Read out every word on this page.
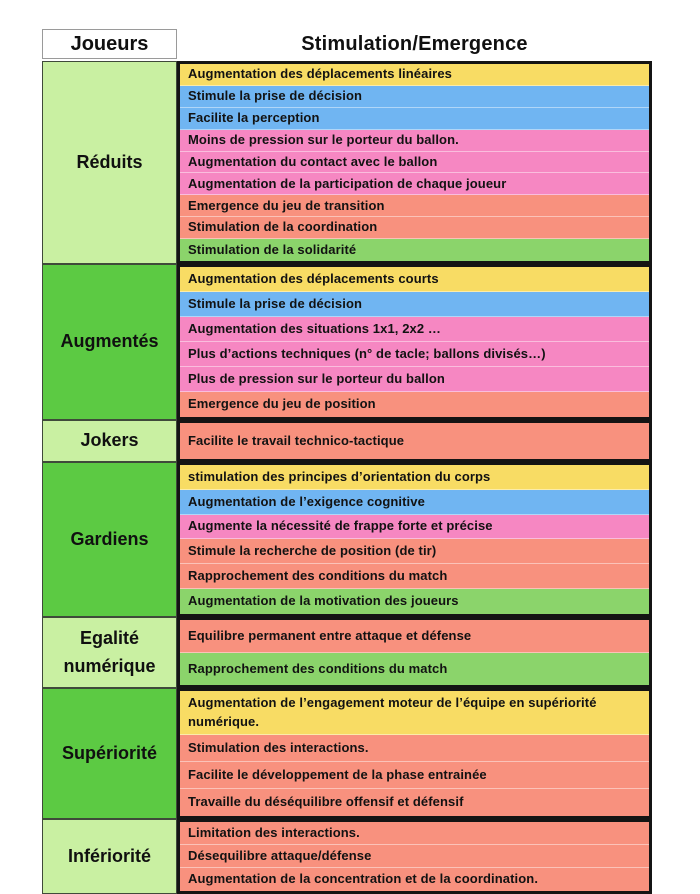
Joueurs	Stimulation/Emergence
Réduits
Augmentés
Jokers
Gardiens
Egalité numérique
Supériorité
Infériorité
Augmentation des déplacements linéaires
Stimule la prise de décision
Facilite la perception
Moins de pression sur le porteur du ballon.
Augmentation du contact avec le ballon
Augmentation de la participation de chaque joueur
Emergence du jeu de transition
Stimulation de la coordination
Stimulation de la solidarité
Augmentation des déplacements courts
Stimule la prise de décision
Augmentation des situations 1x1, 2x2 …
Plus d’actions techniques (n° de tacle; ballons divisés…)
Plus de pression sur le porteur du ballon
Emergence du jeu de position
Facilite le travail technico-tactique
stimulation des principes d’orientation du corps
Augmentation de l’exigence cognitive
Augmente la nécessité de frappe forte et précise
Stimule la recherche de position (de tir)
Rapprochement des conditions du match
Augmentation de la motivation des joueurs
Equilibre permanent entre attaque et défense
Rapprochement des conditions du match
Augmentation de l’engagement moteur de l’équipe en supériorité numérique.
Stimulation des interactions.
Facilite le développement de la phase entrainée
Travaille du déséquilibre offensif et défensif
Limitation des interactions.
Désequilibre attaque/défense
Augmentation de la concentration et de la coordination.
